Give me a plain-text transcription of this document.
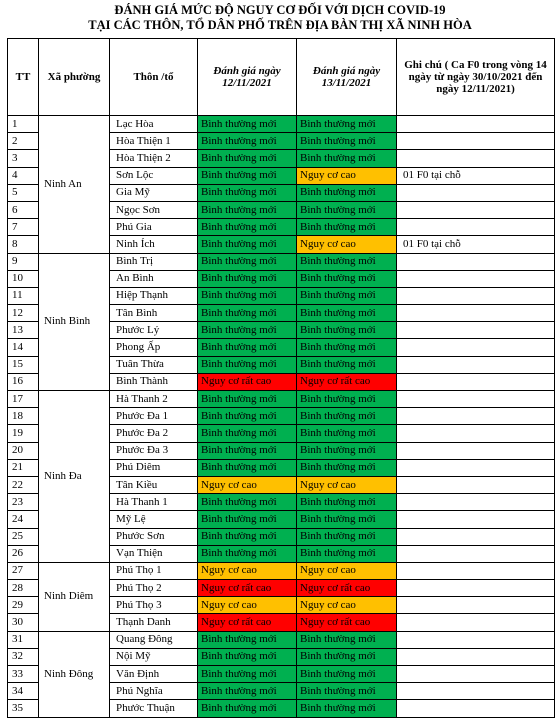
ĐÁNH GIÁ MỨC ĐỘ NGUY CƠ ĐỐI VỚI DỊCH COVID-19
TẠI CÁC THÔN, TỔ DÂN PHỐ TRÊN ĐỊA BÀN THỊ XÃ NINH HÒA
TT	Xã phường	Thôn /tổ	Đánh giá ngày 12/11/2021	Đánh giá ngày 13/11/2021	Ghi chú ( Ca F0 trong vòng 14 ngày từ ngày 30/10/2021 đến ngày 12/11/2021)
1	Ninh An	Lạc Hòa	Bình thường mới	Bình thường mới	
2		Hòa Thiện 1	Bình thường mới	Bình thường mới	
3		Hòa Thiện 2	Bình thường mới	Bình thường mới	
4		Sơn Lộc	Bình thường mới	Nguy cơ cao	01 F0 tại chỗ
5		Gia Mỹ	Bình thường mới	Bình thường mới	
6		Ngọc Sơn	Bình thường mới	Bình thường mới	
7		Phú Gia	Bình thường mới	Bình thường mới	
8		Ninh Ích	Bình thường mới	Nguy cơ cao	01 F0 tại chỗ
9	Ninh Bình	Bình Trị	Bình thường mới	Bình thường mới	
10		An Bình	Bình thường mới	Bình thường mới	
11		Hiệp Thạnh	Bình thường mới	Bình thường mới	
12		Tân Bình	Bình thường mới	Bình thường mới	
13		Phước Lý	Bình thường mới	Bình thường mới	
14		Phong Ấp	Bình thường mới	Bình thường mới	
15		Tuân Thừa	Bình thường mới	Bình thường mới	
16		Bình Thành	Nguy cơ rất cao	Nguy cơ rất cao	
17	Ninh Đa	Hà Thanh 2	Bình thường mới	Bình thường mới	
18		Phước Đa 1	Bình thường mới	Bình thường mới	
19		Phước Đa 2	Bình thường mới	Bình thường mới	
20		Phước Đa 3	Bình thường mới	Bình thường mới	
21		Phú Diêm	Bình thường mới	Bình thường mới	
22		Tân Kiều	Nguy cơ cao	Nguy cơ cao	
23		Hà Thanh 1	Bình thường mới	Bình thường mới	
24		Mỹ Lệ	Bình thường mới	Bình thường mới	
25		Phước Sơn	Bình thường mới	Bình thường mới	
26		Vạn Thiện	Bình thường mới	Bình thường mới	
27	Ninh Diêm	Phú Thọ 1	Nguy cơ cao	Nguy cơ cao	
28		Phú Thọ 2	Nguy cơ rất cao	Nguy cơ rất cao	
29		Phú Thọ 3	Nguy cơ cao	Nguy cơ cao	
30		Thạnh Danh	Nguy cơ rất cao	Nguy cơ rất cao	
31	Ninh Đông	Quang Đông	Bình thường mới	Bình thường mới	
32		Nội Mỹ	Bình thường mới	Bình thường mới	
33		Văn Định	Bình thường mới	Bình thường mới	
34		Phú Nghĩa	Bình thường mới	Bình thường mới	
35		Phước Thuận	Bình thường mới	Bình thường mới	
